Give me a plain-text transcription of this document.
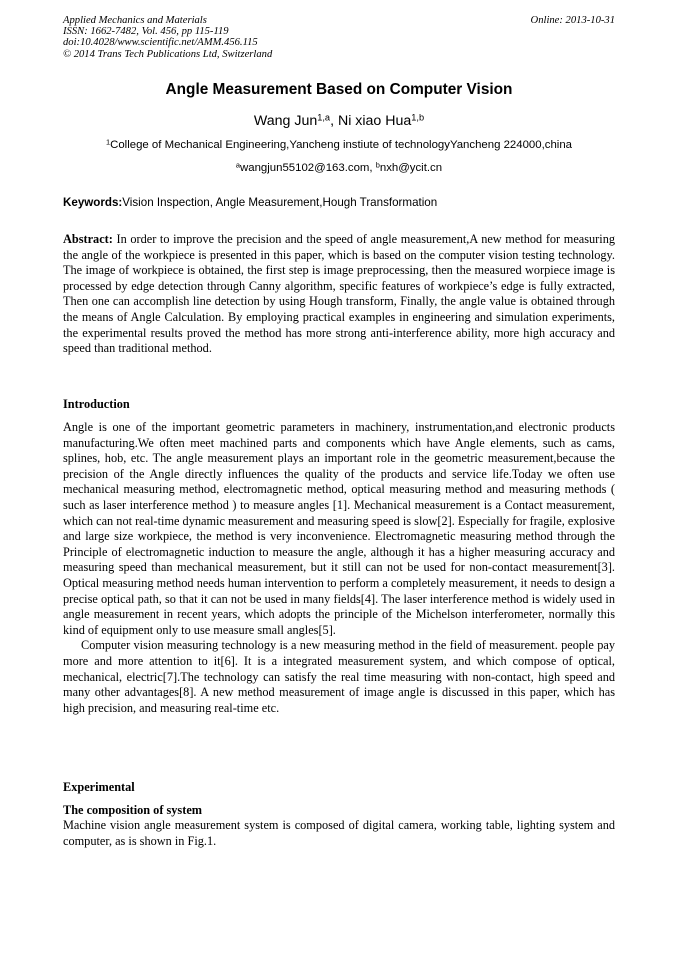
Applied Mechanics and Materials
ISSN: 1662-7482, Vol. 456, pp 115-119
doi:10.4028/www.scientific.net/AMM.456.115
© 2014 Trans Tech Publications Ltd, Switzerland
Online: 2013-10-31
Angle Measurement Based on Computer Vision
Wang Jun$^{1,a}$, Ni xiao Hua$^{1,b}$
$^1$College of Mechanical Engineering,Yancheng instiute of technologyYancheng 224000,china
$^a$wangjun55102@163.com, $^b$nxh@ycit.cn
Keywords:Vision Inspection, Angle Measurement,Hough Transformation

Abstract: In order to improve the precision and the speed of angle measurement,A new method for measuring the angle of the workpiece is presented in this paper, which is based on the computer vision testing technology. The image of workpiece is obtained, the first step is image preprocessing, then the measured worpiece image is processed by edge detection through Canny algorithm, specific features of workpiece’s edge is fully extracted, Then one can accomplish line detection by using Hough transform, Finally, the angle value is obtained through the means of Angle Calculation. By employing practical examples in engineering and simulation experiments, the experimental results proved the method has more strong anti-interference ability, more high accuracy and speed than traditional method.

Introduction

Angle is one of the important geometric parameters in machinery, instrumentation,and electronic products manufacturing.We often meet machined parts and components which have Angle elements, such as cams, splines, hob, etc. The angle measurement plays an important role in the geometric measurement,because the precision of the Angle directly influences the quality of the products and service life.Today we often use mechanical measuring method, electromagnetic method, optical measuring method and measuring methods ( such as laser interference method ) to measure angles [1]. Mechanical measurement is a Contact measurement, which can not real-time dynamic measurement and measuring speed is slow[2]. Especially for fragile, explosive and large size workpiece, the method is very inconvenience. Electromagnetic measuring method through the Principle of electromagnetic induction to measure the angle, although it has a higher measuring accuracy and measuring speed than mechanical measurement, but it still can not be used for non-contact measurement[3]. Optical measuring method needs human intervention to perform a completely measurement, it needs to design a precise optical path, so that it can not be used in many fields[4]. The laser interference method is widely used in angle measurement in recent years, which adopts the principle of the Michelson interferometer, normally this kind of equipment only to use measure small angles[5].

Computer vision measuring technology is a new measuring method in the field of measurement. people pay more and more attention to it[6]. It is a integrated measurement system, and which compose of optical, mechanical, electric[7].The technology can satisfy the real time measuring with non-contact, high speed and many other advantages[8]. A new method measurement of image angle is discussed in this paper, which has high precision, and measuring real-time etc.

Experimental
The composition of system

Machine vision angle measurement system is composed of digital camera, working table, lighting system and computer, as is shown in Fig.1.
